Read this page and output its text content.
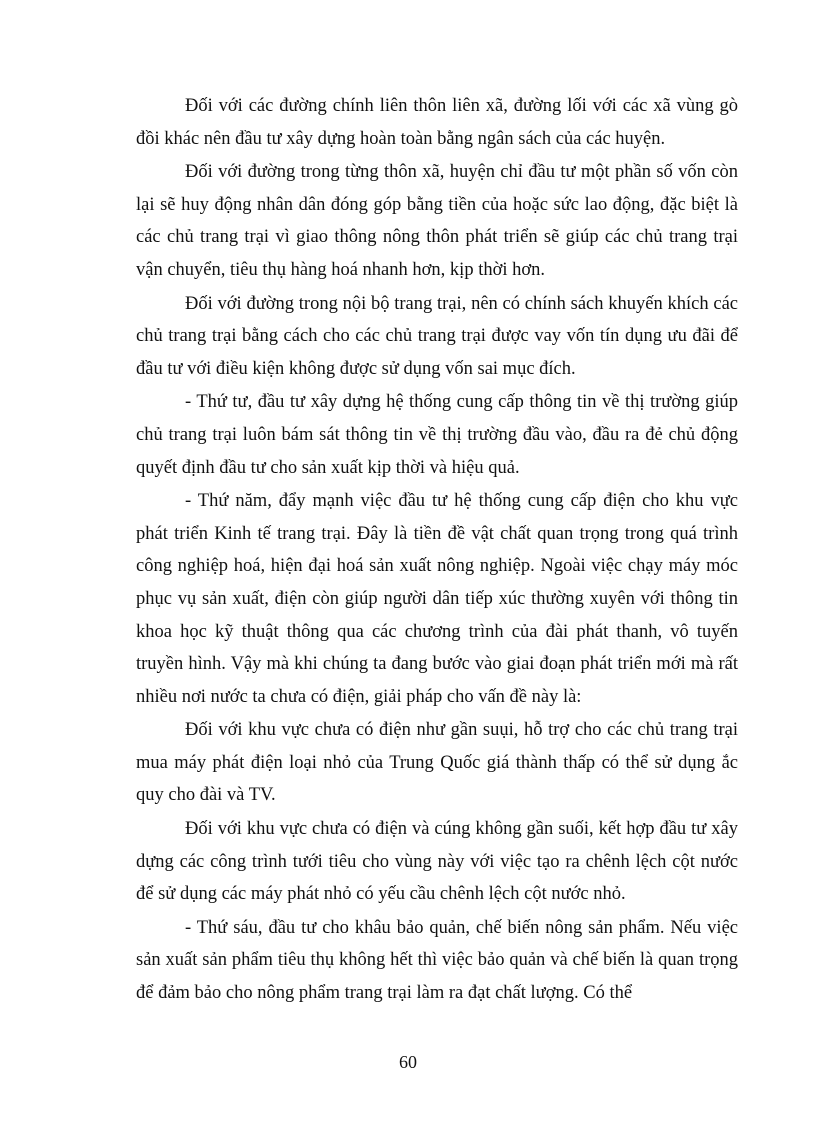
Đối với các đường chính liên thôn liên xã, đường lối với các xã vùng gò đồi khác nên đầu tư xây dựng hoàn toàn bằng ngân sách của các huyện.

Đối với đường trong từng thôn xã, huyện chỉ đầu tư một phần số vốn còn lại sẽ huy động nhân dân đóng góp bằng tiền của hoặc sức lao động, đặc biệt là các chủ trang trại vì giao thông nông thôn phát triển sẽ giúp các chủ trang trại vận chuyển, tiêu thụ hàng hoá nhanh hơn, kịp thời hơn.

Đối với đường trong nội bộ trang trại, nên có chính sách khuyến khích các chủ trang trại bằng cách cho các chủ trang trại được vay vốn tín dụng ưu đãi để đầu tư với điều kiện không được sử dụng vốn sai mục đích.

- Thứ tư, đầu tư xây dựng hệ thống cung cấp thông tin về thị trường giúp chủ trang trại luôn bám sát thông tin về thị trường đầu vào, đầu ra đẻ chủ động quyết định đầu tư cho sản xuất kịp thời và hiệu quả.

- Thứ năm, đẩy mạnh việc đầu tư hệ thống cung cấp điện cho khu vực phát triển Kinh tế trang trại. Đây là tiền đề vật chất quan trọng trong quá trình công nghiệp hoá, hiện đại hoá sản xuất nông nghiệp. Ngoài việc chạy máy móc phục vụ sản xuất, điện còn giúp người dân tiếp xúc thường xuyên với thông tin khoa học kỹ thuật thông qua các chương trình của đài phát thanh, vô tuyến truyền hình. Vậy mà khi chúng ta đang bước vào giai đoạn phát triển mới mà rất nhiều nơi nước ta chưa có điện, giải pháp cho vấn đề này là:

Đối với khu vực chưa có điện như gần suụi, hỗ trợ cho các chủ trang trại mua máy phát điện loại nhỏ của Trung Quốc giá thành thấp có thể sử dụng ắc quy cho đài và TV.

Đối với khu vực chưa có điện và cúng không gần suối, kết hợp đầu tư xây dựng các công trình tưới tiêu cho vùng này với việc tạo ra chênh lệch cột nước để sử dụng các máy phát nhỏ có yếu cầu chênh lệch cột nước nhỏ.

- Thứ sáu, đầu tư cho khâu bảo quản, chế biến nông sản phẩm. Nếu việc sản xuất sản phẩm tiêu thụ không hết thì việc bảo quản và chế biến là quan trọng để đảm bảo cho nông phẩm trang trại làm ra đạt chất lượng. Có thể

60
